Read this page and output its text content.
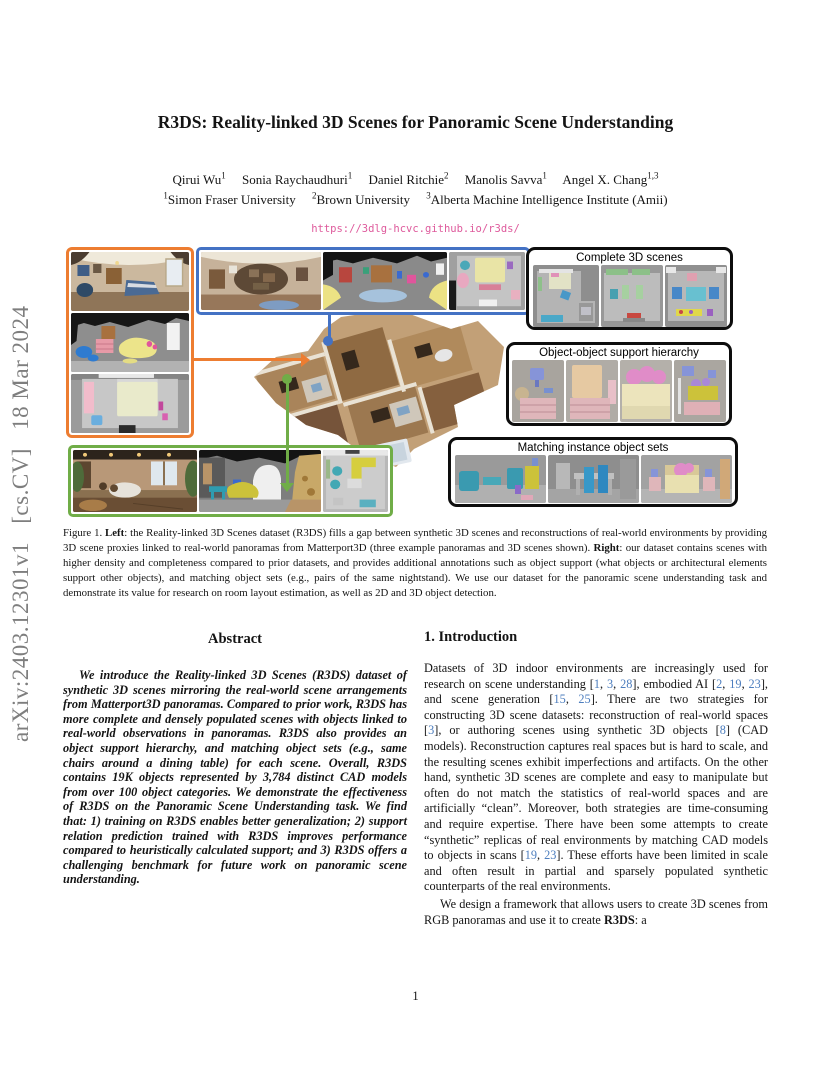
arXiv:2403.12301v1  [cs.CV]  18 Mar 2024
R3DS: Reality-linked 3D Scenes for Panoramic Scene Understanding
Qirui Wu$^1$  Sonia Raychaudhuri$^1$  Daniel Ritchie$^2$  Manolis Savva$^1$  Angel X. Chang$^{1,3}$
$^1$Simon Fraser University  $^2$Brown University  $^3$Alberta Machine Intelligence Institute (Amii)
https://3dlg-hcvc.github.io/r3ds/
Complete 3D scenes
Object-object support hierarchy
Matching instance object sets
Figure 1. Left: the Reality-linked 3D Scenes dataset (R3DS) fills a gap between synthetic 3D scenes and reconstructions of real-world environments by providing 3D scene proxies linked to real-world panoramas from Matterport3D (three example panoramas and 3D scenes shown). Right: our dataset contains scenes with higher density and completeness compared to prior datasets, and provides additional annotations such as object support (what objects or architectural elements support other objects), and matching object sets (e.g., pairs of the same nightstand). We use our dataset for the panoramic scene understanding task and demonstrate its value for research on room layout estimation, as well as 2D and 3D object detection.
Abstract
We introduce the Reality-linked 3D Scenes (R3DS) dataset of synthetic 3D scenes mirroring the real-world scene arrangements from Matterport3D panoramas. Compared to prior work, R3DS has more complete and densely populated scenes with objects linked to real-world observations in panoramas. R3DS also provides an object support hierarchy, and matching object sets (e.g., same chairs around a dining table) for each scene. Overall, R3DS contains 19K objects represented by 3,784 distinct CAD models from over 100 object categories. We demonstrate the effectiveness of R3DS on the Panoramic Scene Understanding task. We find that: 1) training on R3DS enables better generalization; 2) support relation prediction trained with R3DS improves performance compared to heuristically calculated support; and 3) R3DS offers a challenging benchmark for future work on panoramic scene understanding.
1. Introduction
Datasets of 3D indoor environments are increasingly used for research on scene understanding [1, 3, 28], embodied AI [2, 19, 23], and scene generation [15, 25]. There are two strategies for constructing 3D scene datasets: reconstruction of real-world spaces [3], or authoring scenes using synthetic 3D objects [8] (CAD models). Reconstruction captures real spaces but is hard to scale, and the resulting scenes exhibit imperfections and artifacts. On the other hand, synthetic 3D scenes are complete and easy to manipulate but often do not match the statistics of real-world spaces and are artificially “clean”. Moreover, both strategies are time-consuming and require expertise. There have been some attempts to create “synthetic” replicas of real environments by matching CAD models to objects in scans [19, 23]. These efforts have been limited in scale and often result in partial and sparsely populated synthetic counterparts of the real environments.
We design a framework that allows users to create 3D scenes from RGB panoramas and use it to create R3DS: a
1
